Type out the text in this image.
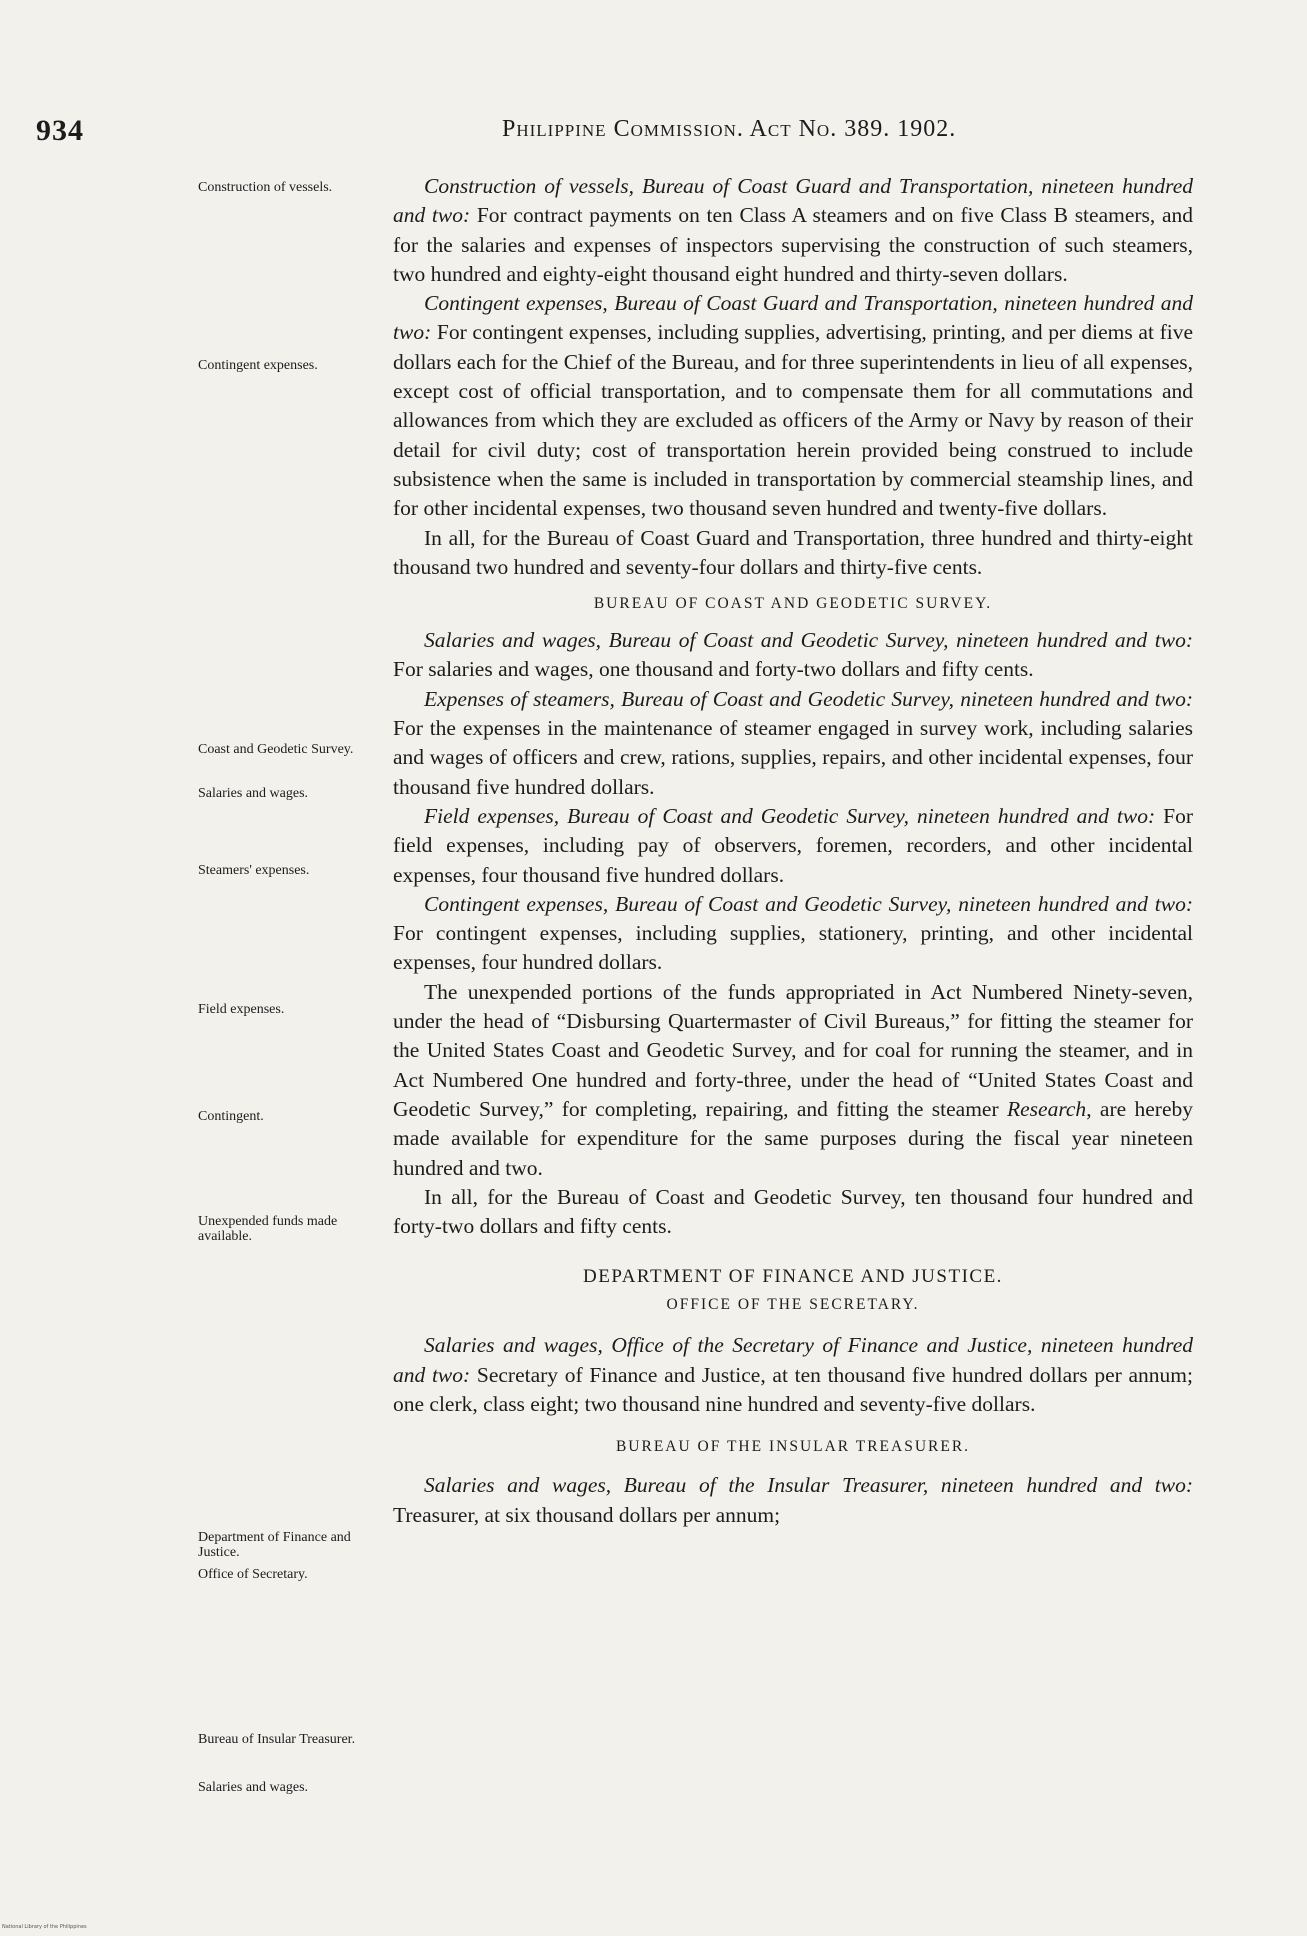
934	Philippine Commission. Act No. 389. 1902.
Construction of vessels.
Contingent expenses.
Coast and Geodetic Survey.
Salaries and wages.
Steamers' expenses.
Field expenses.
Contingent.
Unexpended funds made available.
Department of Finance and Justice.
Office of Secretary.
Bureau of Insular Treasurer.
Salaries and wages.

Construction of vessels, Bureau of Coast Guard and Transportation, nineteen hundred and two: For contract payments on ten Class A steamers and on five Class B steamers, and for the salaries and expenses of inspectors supervising the construction of such steamers, two hundred and eighty-eight thousand eight hundred and thirty-seven dollars.

Contingent expenses, Bureau of Coast Guard and Transportation, nineteen hundred and two: For contingent expenses, including supplies, advertising, printing, and per diems at five dollars each for the Chief of the Bureau, and for three superintendents in lieu of all expenses, except cost of official transportation, and to compensate them for all commutations and allowances from which they are excluded as officers of the Army or Navy by reason of their detail for civil duty; cost of transportation herein provided being construed to include subsistence when the same is included in transportation by commercial steamship lines, and for other incidental expenses, two thousand seven hundred and twenty-five dollars.

In all, for the Bureau of Coast Guard and Transportation, three hundred and thirty-eight thousand two hundred and seventy-four dollars and thirty-five cents.

BUREAU OF COAST AND GEODETIC SURVEY.

Salaries and wages, Bureau of Coast and Geodetic Survey, nineteen hundred and two: For salaries and wages, one thousand and forty-two dollars and fifty cents.

Expenses of steamers, Bureau of Coast and Geodetic Survey, nineteen hundred and two: For the expenses in the maintenance of steamer engaged in survey work, including salaries and wages of officers and crew, rations, supplies, repairs, and other incidental expenses, four thousand five hundred dollars.

Field expenses, Bureau of Coast and Geodetic Survey, nineteen hundred and two: For field expenses, including pay of observers, foremen, recorders, and other incidental expenses, four thousand five hundred dollars.

Contingent expenses, Bureau of Coast and Geodetic Survey, nineteen hundred and two: For contingent expenses, including supplies, stationery, printing, and other incidental expenses, four hundred dollars.

The unexpended portions of the funds appropriated in Act Numbered Ninety-seven, under the head of “Disbursing Quartermaster of Civil Bureaus,” for fitting the steamer for the United States Coast and Geodetic Survey, and for coal for running the steamer, and in Act Numbered One hundred and forty-three, under the head of “United States Coast and Geodetic Survey,” for completing, repairing, and fitting the steamer Research, are hereby made available for expenditure for the same purposes during the fiscal year nineteen hundred and two.

In all, for the Bureau of Coast and Geodetic Survey, ten thousand four hundred and forty-two dollars and fifty cents.

DEPARTMENT OF FINANCE AND JUSTICE.
OFFICE OF THE SECRETARY.

Salaries and wages, Office of the Secretary of Finance and Justice, nineteen hundred and two: Secretary of Finance and Justice, at ten thousand five hundred dollars per annum; one clerk, class eight; two thousand nine hundred and seventy-five dollars.

BUREAU OF THE INSULAR TREASURER.

Salaries and wages, Bureau of the Insular Treasurer, nineteen hundred and two: Treasurer, at six thousand dollars per annum;

National Library of the Philippines
